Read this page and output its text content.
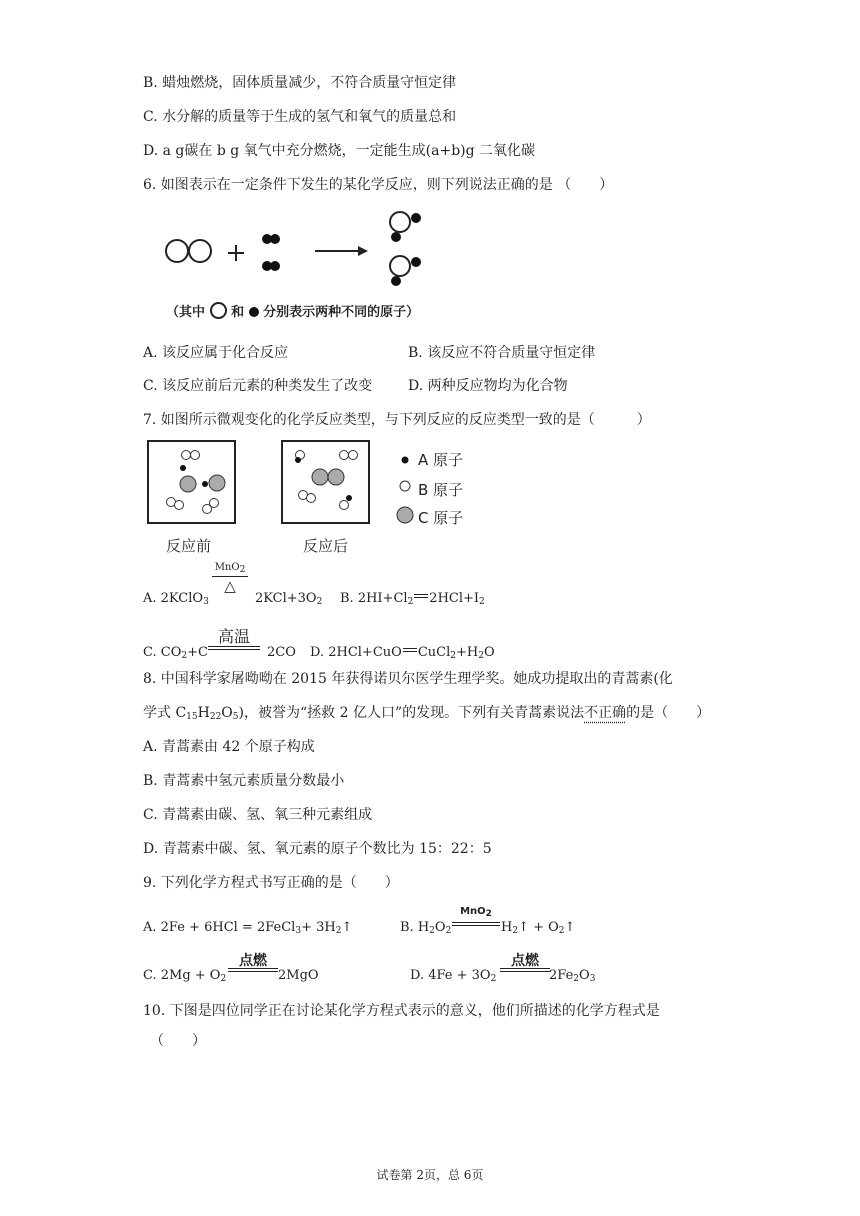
B. 蜡烛燃烧，固体质量减少，不符合质量守恒定律
C. 水分解的质量等于生成的氢气和氧气的质量总和
D. a g碳在 b g 氧气中充分燃烧，一定能生成(a+b)g 二氧化碳
6. 如图表示在一定条件下发生的某化学反应，则下列说法正确的是 （　　）
（其中 和 分别表示两种不同的原子）
A. 该反应属于化合反应	B. 该反应不符合质量守恒定律
C. 该反应前后元素的种类发生了改变	D. 两种反应物均为化合物
7. 如图所示微观变化的化学反应类型，与下列反应的反应类型一致的是（　　　）
反应前	反应后
A 原子
B 原子
C 原子
A. 2KClO$_3$
MnO$_2$
△
$2KCl+3O_2$ B. $2HI+Cl_2$ $2HCl+I_2$
C. $CO_2+C$
高温
2CO D. 2HCl+CuO $CuCl_2+H_2O$
8. 中国科学家屠呦呦在 2015 年获得诺贝尔医学生理学奖。她成功提取出的青蒿素(化
学式 $C_{15}H_{22}O_5$)，被誉为“拯救 2 亿人口”的发现。下列有关青蒿素说法不正确的是（　　）
A. 青蒿素由 42 个原子构成
B. 青蒿素中氢元素质量分数最小
C. 青蒿素由碳、氢、氧三种元素组成
D. 青蒿素中碳、氢、氧元素的原子个数比为 15：22：5
9. 下列化学方程式书写正确的是（　　）
A. 2Fe + 6HCl = 2FeCl$_3$+ $3H_2↑$	B. $H_2O_2$
MnO$_2$
$H_2↑$ + $O_2↑$
C. $2Mg + O_2$
点燃
2MgO	D. $4Fe + 3O_2$
点燃
$2Fe_2O_3$
10. 下图是四位同学正在讨论某化学方程式表示的意义，他们所描述的化学方程式是
（　　）
试卷第 2页，总 6页
